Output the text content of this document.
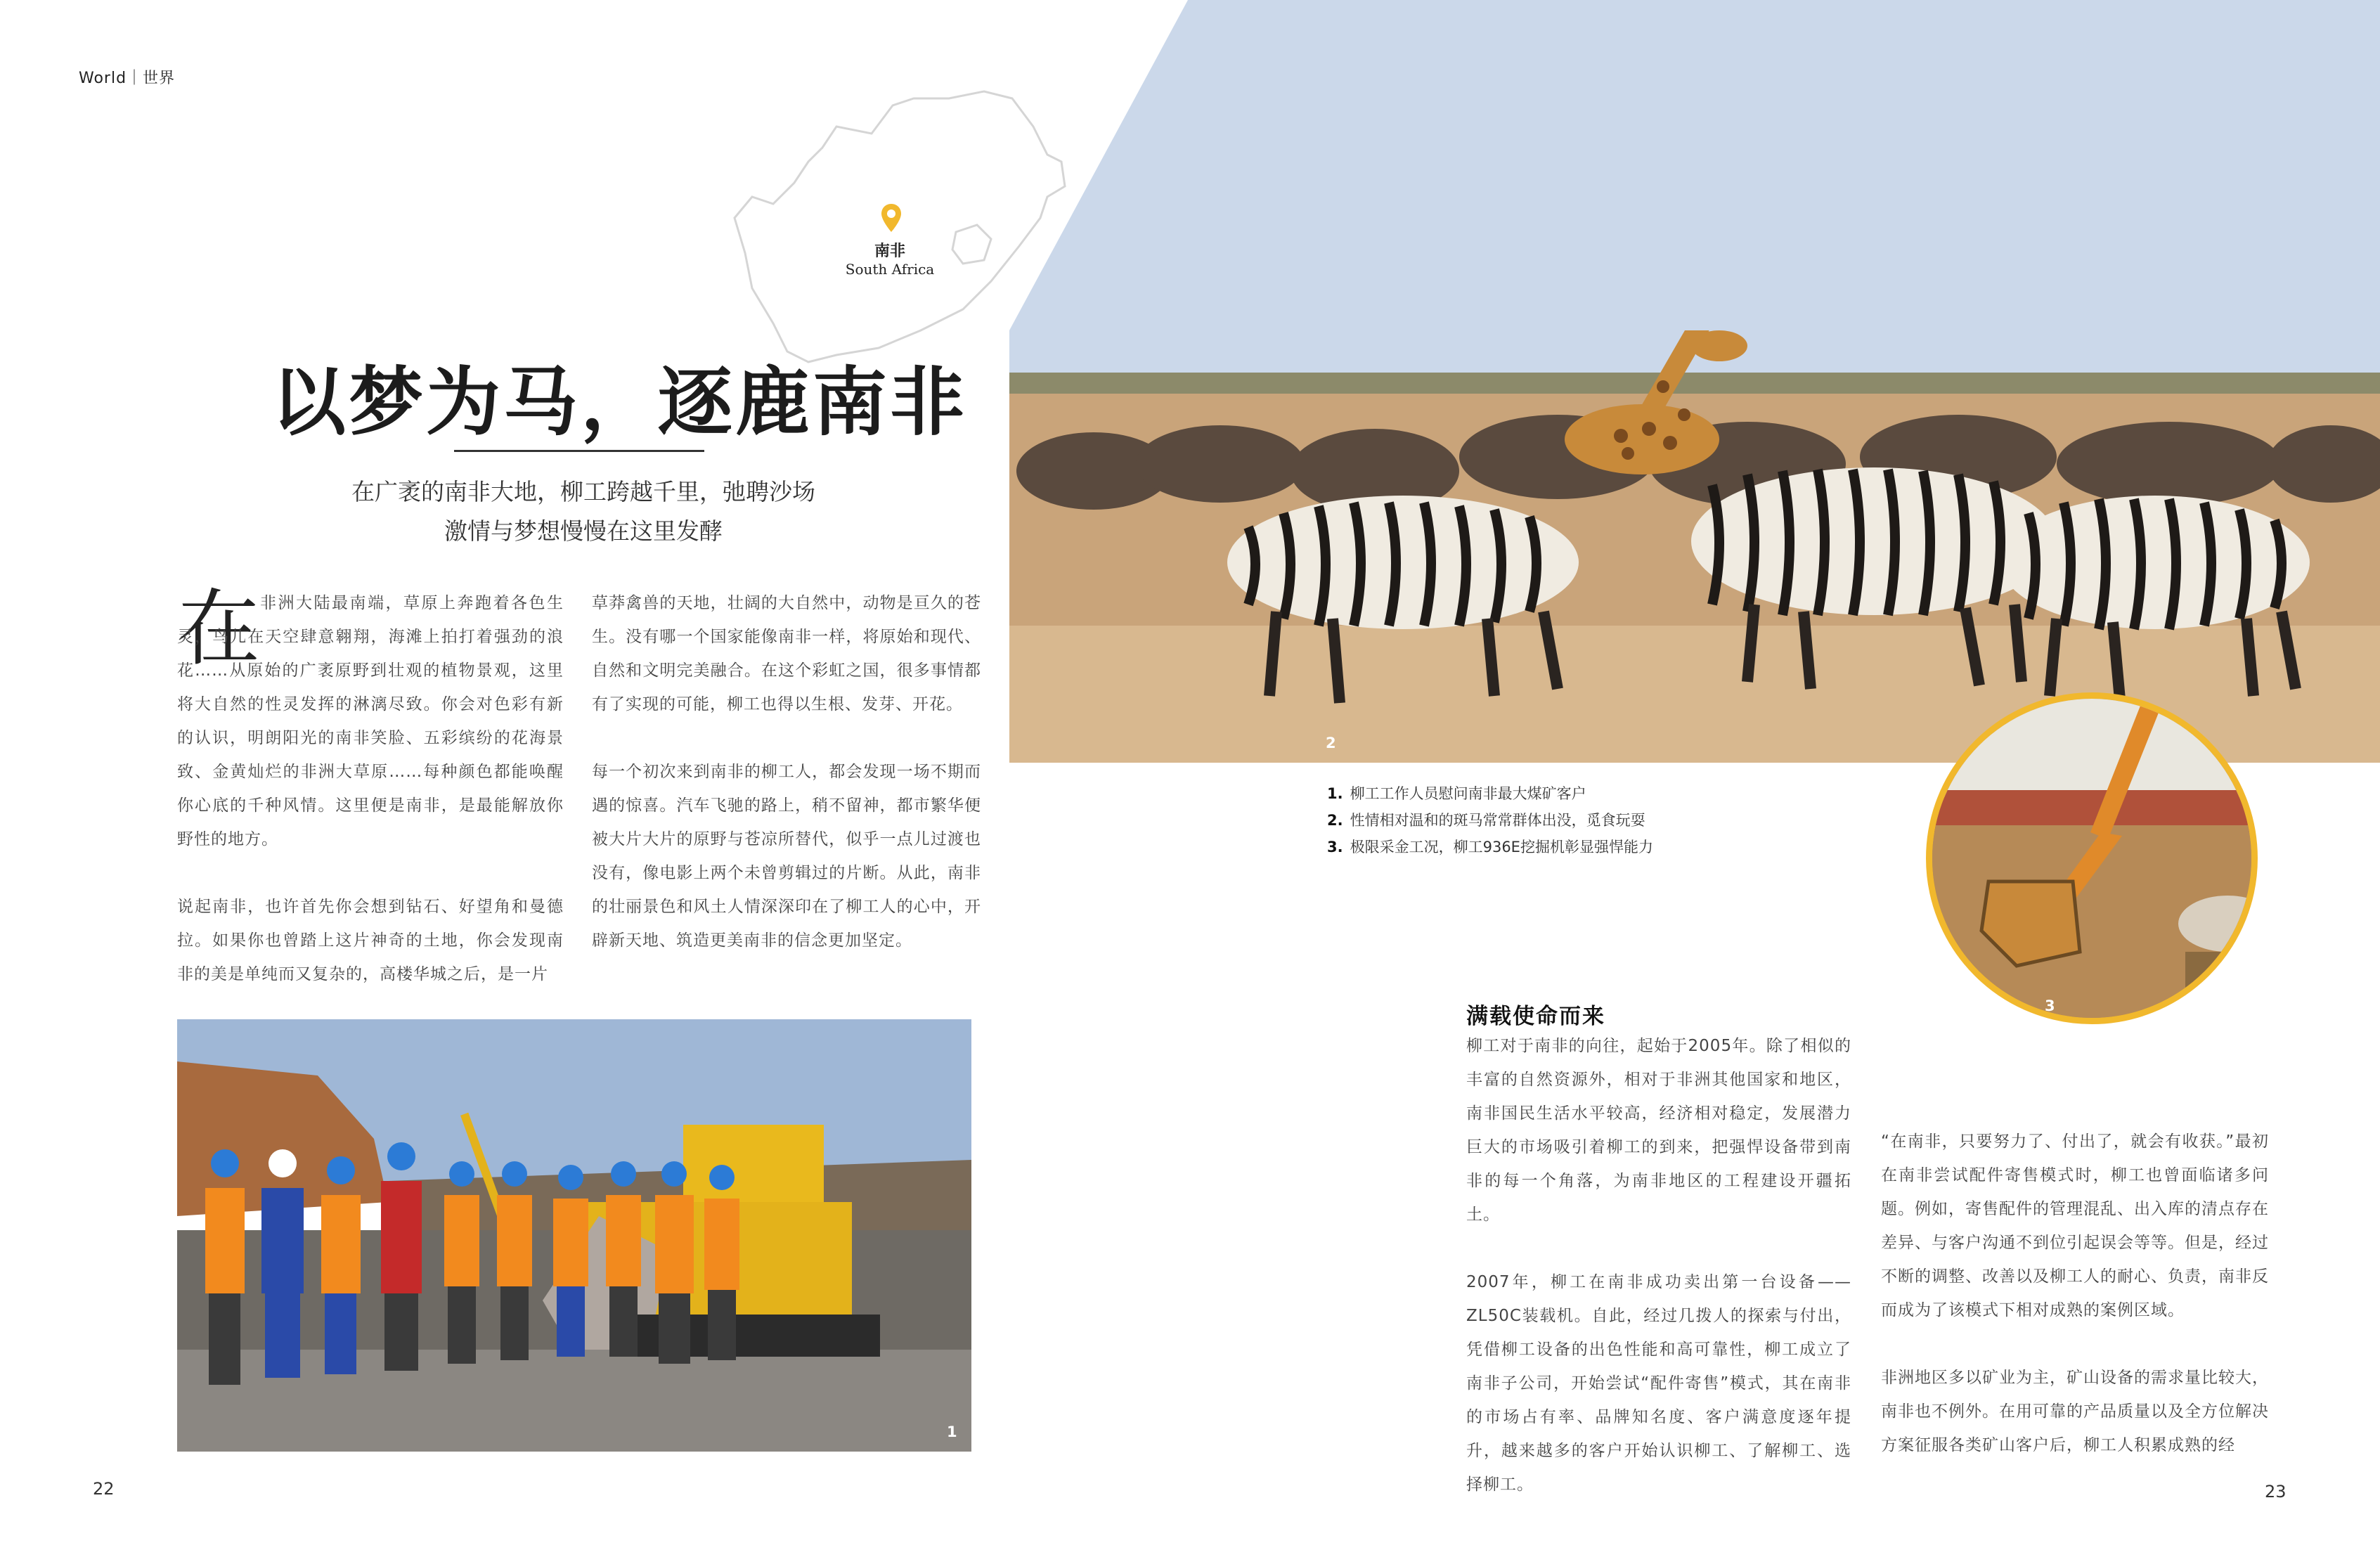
2
南非
South Africa
World｜世界
以梦为马，逐鹿南非
在广袤的南非大地，柳工跨越千里，弛聘沙场
激情与梦想慢慢在这里发酵
在 非洲大陆最南端，草原上奔跑着各色生灵，鸟儿在天空肆意翱翔，海滩上拍打着强劲的浪花……从原始的广袤原野到壮观的植物景观，这里将大自然的性灵发挥的淋漓尽致。你会对色彩有新的认识，明朗阳光的南非笑脸、五彩缤纷的花海景致、金黄灿烂的非洲大草原……每种颜色都能唤醒你心底的千种风情。这里便是南非，是最能解放你野性的地方。

说起南非，也许首先你会想到钻石、好望角和曼德拉。如果你也曾踏上这片神奇的土地，你会发现南非的美是单纯而又复杂的，高楼华城之后，是一片

草莽禽兽的天地，壮阔的大自然中，动物是亘久的苍生。没有哪一个国家能像南非一样，将原始和现代、自然和文明完美融合。在这个彩虹之国，很多事情都有了实现的可能，柳工也得以生根、发芽、开花。

每一个初次来到南非的柳工人，都会发现一场不期而遇的惊喜。汽车飞驰的路上，稍不留神，都市繁华便被大片大片的原野与苍凉所替代，似乎一点儿过渡也没有，像电影上两个未曾剪辑过的片断。从此，南非的壮丽景色和风土人情深深印在了柳工人的心中，开辟新天地、筑造更美南非的信念更加坚定。

1. 柳工工作人员慰问南非最大煤矿客户
2. 性情相对温和的斑马常常群体出没，觅食玩耍
3. 极限采金工况，柳工936E挖掘机彰显强悍能力
3
满载使命而来

柳工对于南非的向往，起始于2005年。除了相似的丰富的自然资源外，相对于非洲其他国家和地区，南非国民生活水平较高，经济相对稳定，发展潜力巨大的市场吸引着柳工的到来，把强悍设备带到南非的每一个角落，为南非地区的工程建设开疆拓土。

2007年，柳工在南非成功卖出第一台设备——ZL50C装载机。自此，经过几拨人的探索与付出，凭借柳工设备的出色性能和高可靠性，柳工成立了南非子公司，开始尝试“配件寄售”模式，其在南非的市场占有率、品牌知名度、客户满意度逐年提升，越来越多的客户开始认识柳工、了解柳工、选择柳工。

“在南非，只要努力了、付出了，就会有收获。”最初在南非尝试配件寄售模式时，柳工也曾面临诸多问题。例如，寄售配件的管理混乱、出入库的清点存在差异、与客户沟通不到位引起误会等等。但是，经过不断的调整、改善以及柳工人的耐心、负责，南非反而成为了该模式下相对成熟的案例区域。

非洲地区多以矿业为主，矿山设备的需求量比较大，南非也不例外。在用可靠的产品质量以及全方位解决方案征服各类矿山客户后，柳工人积累成熟的经

1
22	23
